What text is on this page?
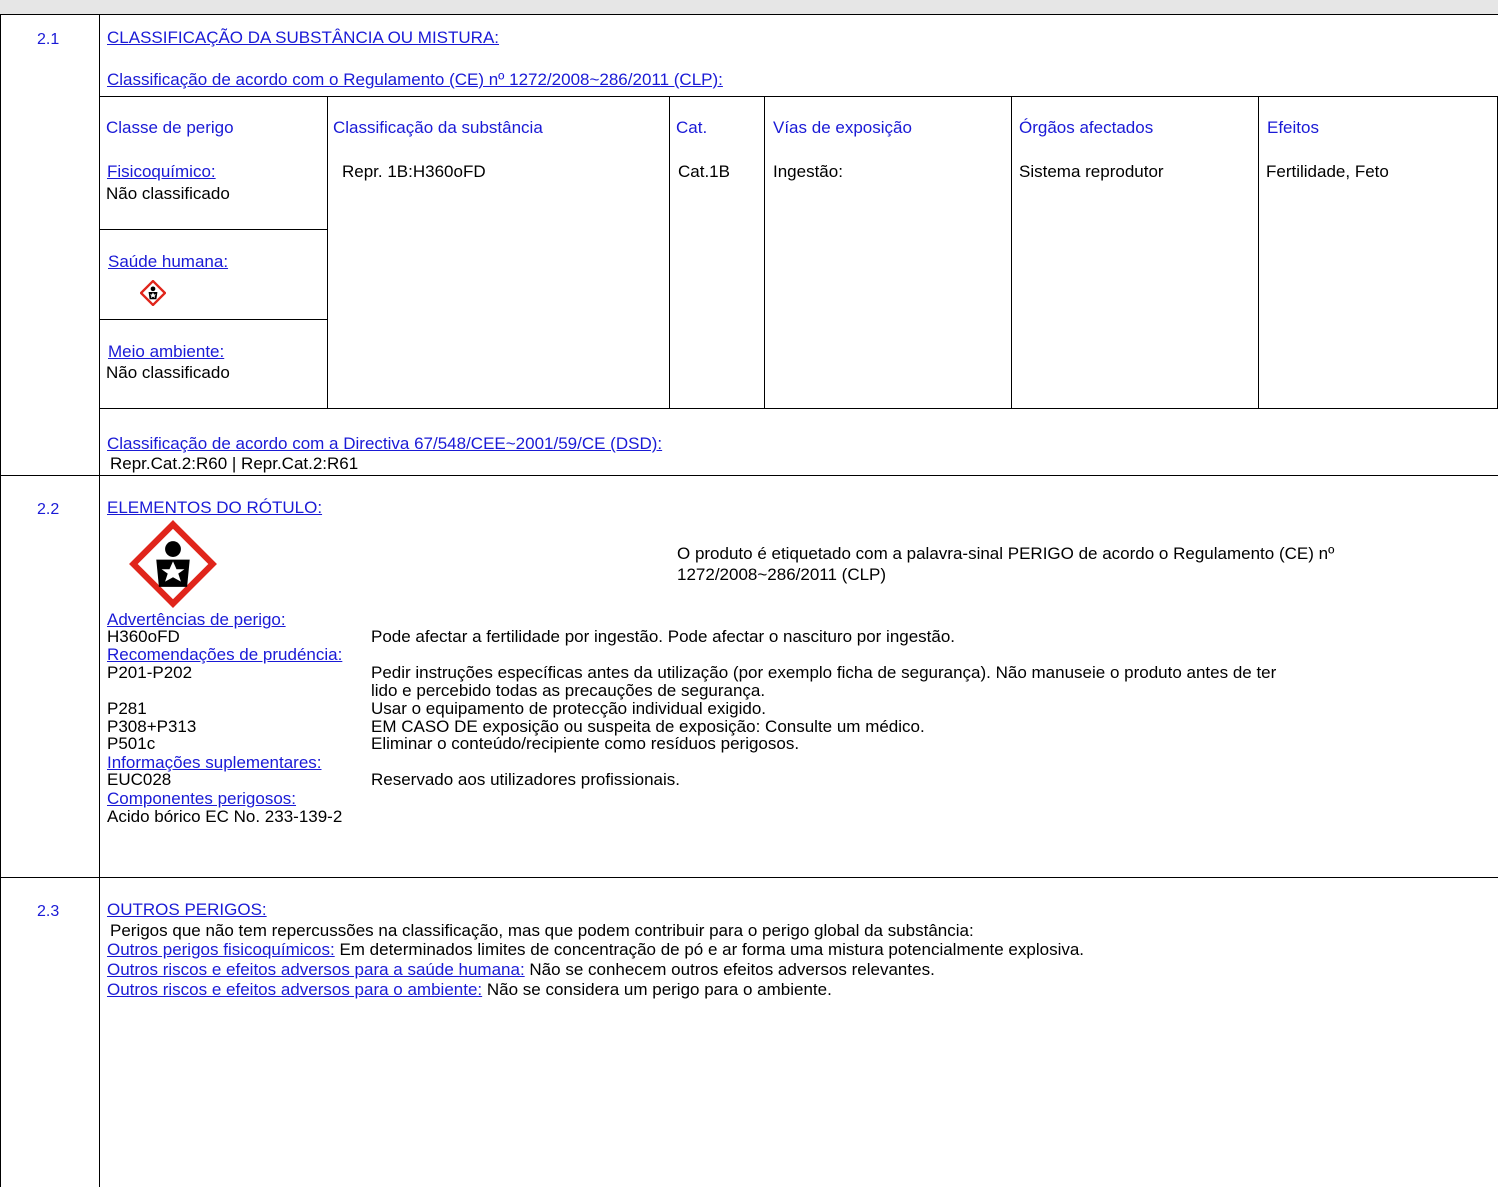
2.1	CLASSIFICAÇÃO DA SUBSTÂNCIA OU MISTURA:
Classificação de acordo com o Regulamento (CE) nº 1272/2008~286/2011 (CLP):
Classe de perigo	Classificação da substância	Cat.	Vías de exposição	Órgãos afectados	Efeitos
Fisicoquímico:
Não classificado
Saúde humana:
Meio ambiente:
Não classificado
Repr. 1B:H360oFD	Cat.1B	Ingestão:	Sistema reprodutor	Fertilidade, Feto
Classificação de acordo com a Directiva 67/548/CEE~2001/59/CE (DSD):
Repr.Cat.2:R60 | Repr.Cat.2:R61
2.2	ELEMENTOS DO RÓTULO:
O produto é etiquetado com a palavra-sinal PERIGO de acordo o Regulamento (CE) nº
1272/2008~286/2011 (CLP)
Advertências de perigo:
H360oFD	Pode afectar a fertilidade por ingestão. Pode afectar o nascituro por ingestão.
Recomendações de prudéncia:
P201-P202	Pedir instruções específicas antes da utilização (por exemplo ficha de segurança). Não manuseie o produto antes de ter
lido e percebido todas as precauções de segurança.
P281	Usar o equipamento de protecção individual exigido.
P308+P313	EM CASO DE exposição ou suspeita de exposição: Consulte um médico.
P501c	Eliminar o conteúdo/recipiente como resíduos perigosos.
Informações suplementares:
EUC028	Reservado aos utilizadores profissionais.
Componentes perigosos:
Acido bórico EC No. 233-139-2
2.3	OUTROS PERIGOS:
Perigos que não tem repercussões na classificação, mas que podem contribuir para o perigo global da substância:
Outros perigos fisicoquímicos: Em determinados limites de concentração de pó e ar forma uma mistura potencialmente explosiva.
Outros riscos e efeitos adversos para a saúde humana: Não se conhecem outros efeitos adversos relevantes.
Outros riscos e efeitos adversos para o ambiente: Não se considera um perigo para o ambiente.
